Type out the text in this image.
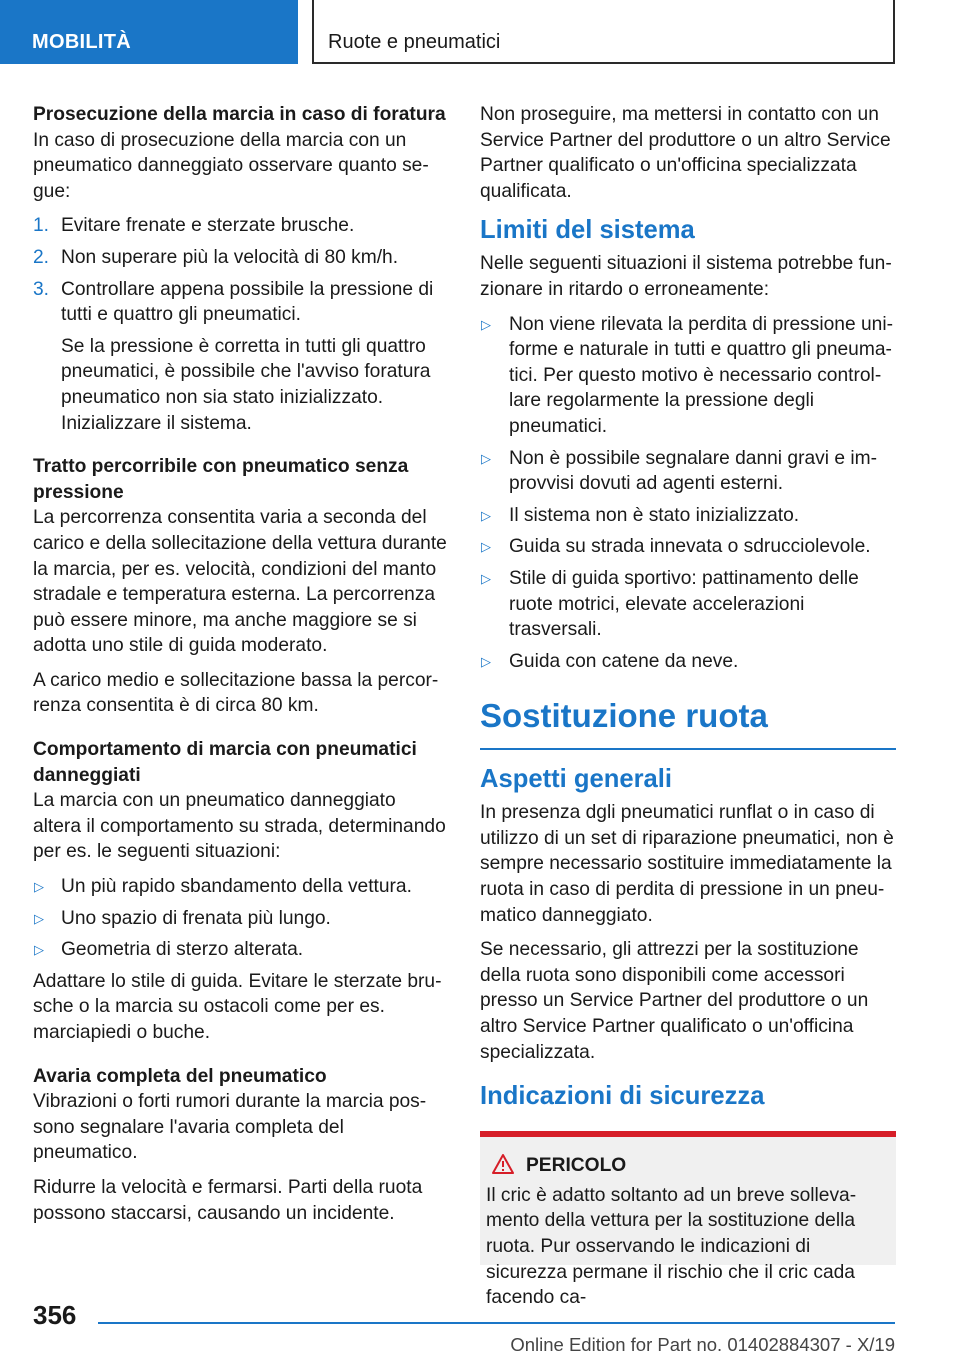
MOBILITÀ	Ruote e pneumatici
Prosecuzione della marcia in caso di foratura

In caso di prosecuzione della marcia con un pneumatico danneggiato osservare quanto segue:

1. Evitare frenate e sterzate brusche.
2. Non superare più la velocità di 80 km/h.
3. Controllare appena possibile la pressione di tutti e quattro gli pneumatici.

Se la pressione è corretta in tutti gli quattro pneumatici, è possibile che l'avviso foratura pneumatico non sia stato inizializzato. Inizializzare il sistema.

Tratto percorribile con pneumatico senza pressione

La percorrenza consentita varia a seconda del carico e della sollecitazione della vettura durante la marcia, per es. velocità, condizioni del manto stradale e temperatura esterna. La percorrenza può essere minore, ma anche maggiore se si adotta uno stile di guida moderato.

A carico medio e sollecitazione bassa la percorrenza consentita è di circa 80 km.

Comportamento di marcia con pneumatici danneggiati

La marcia con un pneumatico danneggiato altera il comportamento su strada, determinando per es. le seguenti situazioni:

▷ Un più rapido sbandamento della vettura.
▷ Uno spazio di frenata più lungo.
▷ Geometria di sterzo alterata.

Adattare lo stile di guida. Evitare le sterzate brusche o la marcia su ostacoli come per es. marciapiedi o buche.

Avaria completa del pneumatico

Vibrazioni o forti rumori durante la marcia possono segnalare l'avaria completa del pneumatico.

Ridurre la velocità e fermarsi. Parti della ruota possono staccarsi, causando un incidente.

Non proseguire, ma mettersi in contatto con un Service Partner del produttore o un altro Service Partner qualificato o un'officina specializzata qualificata.

Limiti del sistema

Nelle seguenti situazioni il sistema potrebbe funzionare in ritardo o erroneamente:

▷ Non viene rilevata la perdita di pressione uniforme e naturale in tutti e quattro gli pneumatici. Per questo motivo è necessario controllare regolarmente la pressione degli pneumatici.
▷ Non è possibile segnalare danni gravi e improvvisi dovuti ad agenti esterni.
▷ Il sistema non è stato inizializzato.
▷ Guida su strada innevata o sdrucciolevole.
▷ Stile di guida sportivo: pattinamento delle ruote motrici, elevate accelerazioni trasversali.
▷ Guida con catene da neve.
Sostituzione ruota
Aspetti generali

In presenza dgli pneumatici runflat o in caso di utilizzo di un set di riparazione pneumatici, non è sempre necessario sostituire immediatamente la ruota in caso di perdita di pressione in un pneumatico danneggiato.

Se necessario, gli attrezzi per la sostituzione della ruota sono disponibili come accessori presso un Service Partner del produttore o un altro Service Partner qualificato o un'officina specializzata.

Indicazioni di sicurezza
PERICOLO

Il cric è adatto soltanto ad un breve sollevamento della vettura per la sostituzione della ruota. Pur osservando le indicazioni di sicurezza permane il rischio che il cric cada facendo ca-

356
Online Edition for Part no. 01402884307 - X/19
